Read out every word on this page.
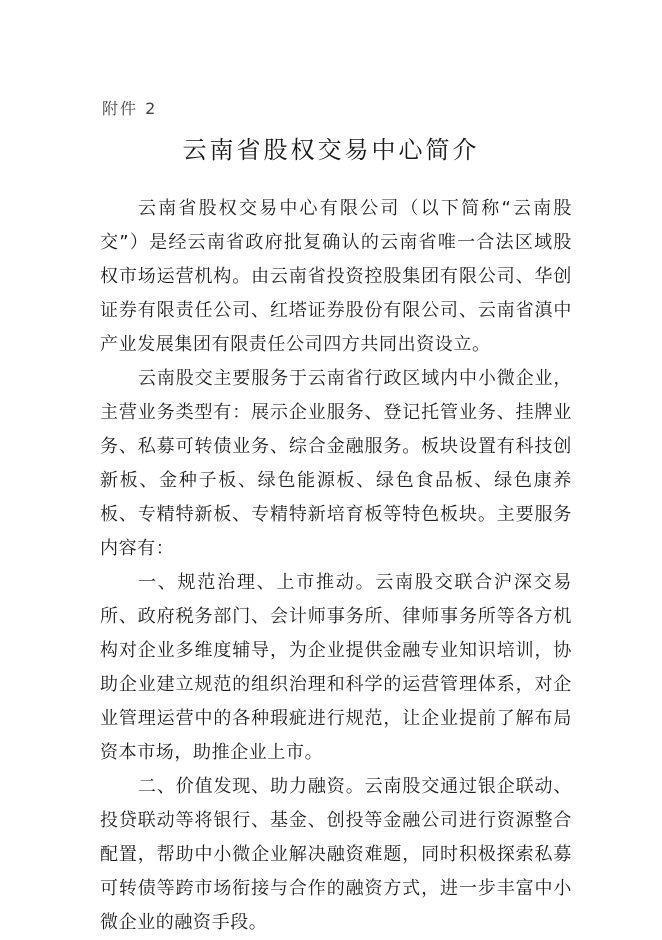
附件 2
云南省股权交易中心简介

云南省股权交易中心有限公司（以下简称“云南股交”）是经云南省政府批复确认的云南省唯一合法区域股权市场运营机构。由云南省投资控股集团有限公司、华创证券有限责任公司、红塔证券股份有限公司、云南省滇中产业发展集团有限责任公司四方共同出资设立。

云南股交主要服务于云南省行政区域内中小微企业，主营业务类型有：展示企业服务、登记托管业务、挂牌业务、私募可转债业务、综合金融服务。板块设置有科技创新板、金种子板、绿色能源板、绿色食品板、绿色康养板、专精特新板、专精特新培育板等特色板块。主要服务内容有：

一、规范治理、上市推动。云南股交联合沪深交易所、政府税务部门、会计师事务所、律师事务所等各方机构对企业多维度辅导，为企业提供金融专业知识培训，协助企业建立规范的组织治理和科学的运营管理体系，对企业管理运营中的各种瑕疵进行规范，让企业提前了解布局资本市场，助推企业上市。

二、价值发现、助力融资。云南股交通过银企联动、投贷联动等将银行、基金、创投等金融公司进行资源整合配置，帮助中小微企业解决融资难题，同时积极探索私募可转债等跨市场衔接与合作的融资方式，进一步丰富中小微企业的融资手段。
